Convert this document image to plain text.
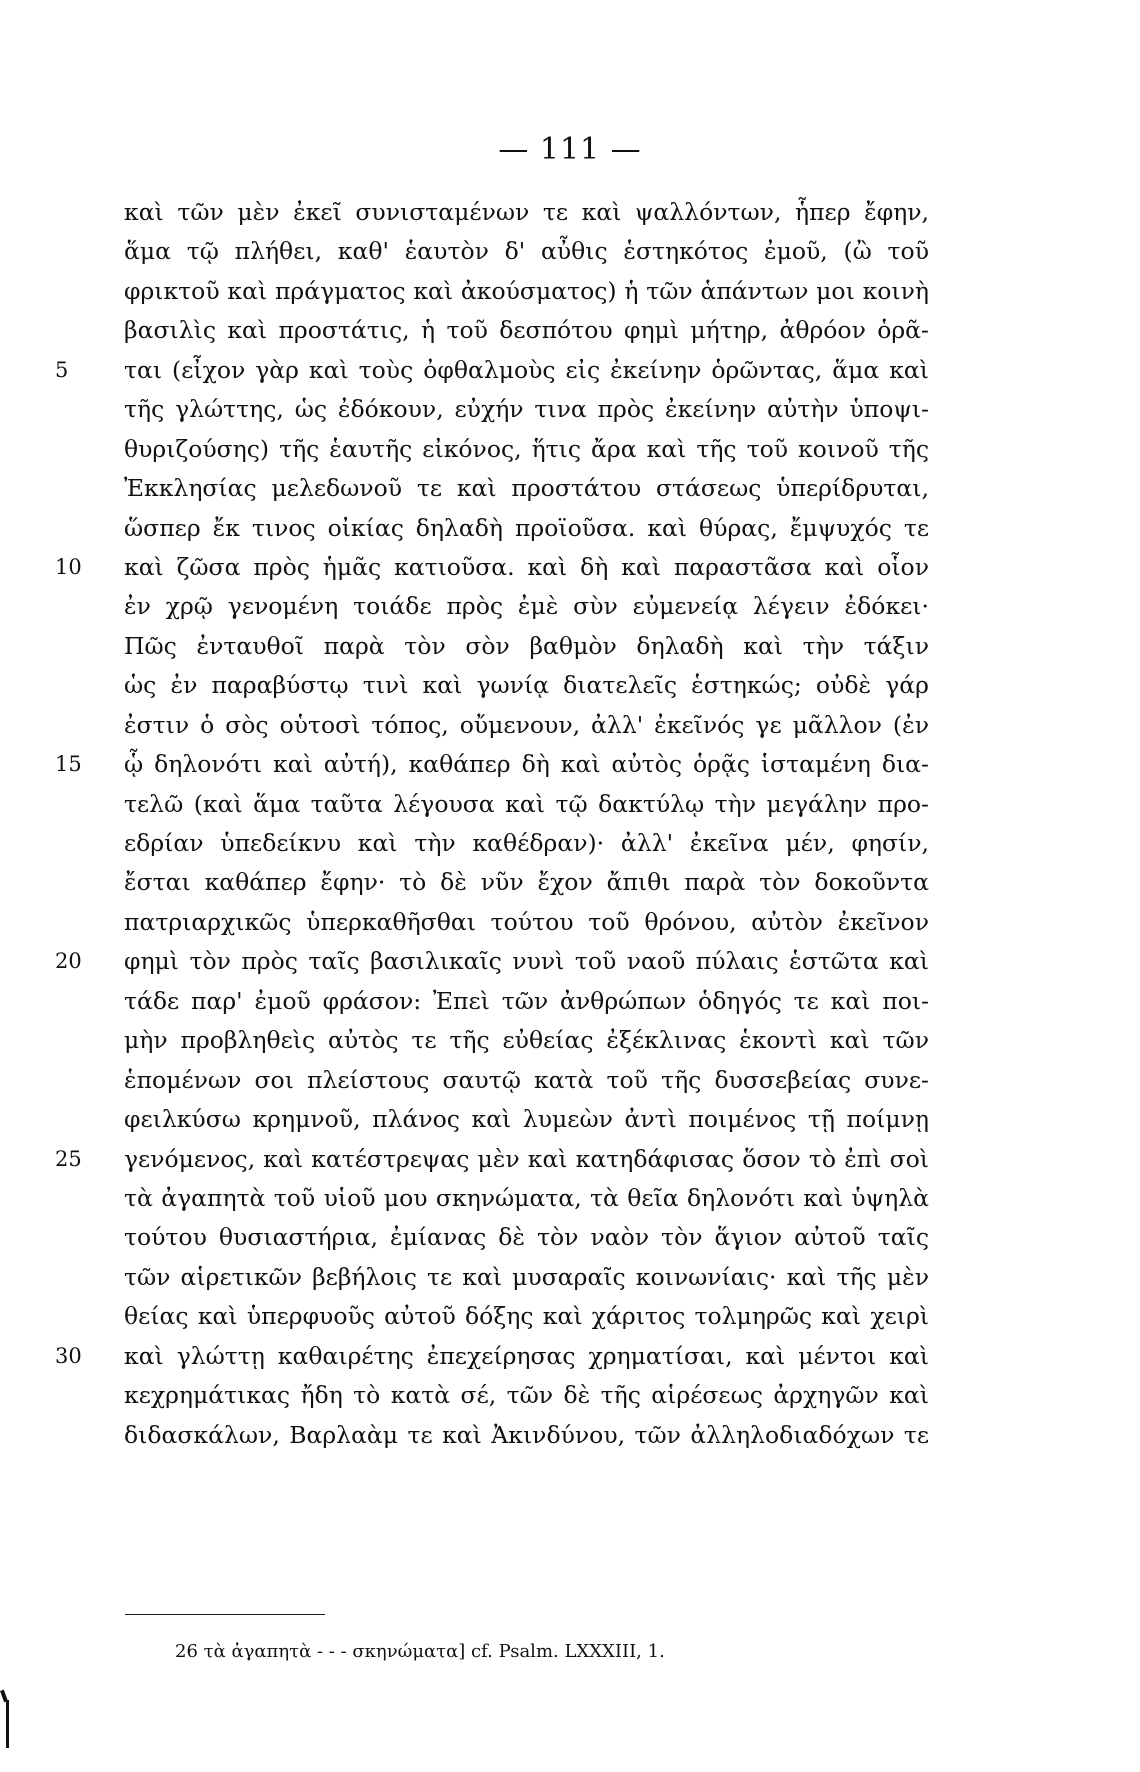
— 111 —
καὶ τῶν μὲν ἐκεῖ συνισταμένων τε καὶ ψαλλόντων, ἧπερ ἔφην,
ἅμα τῷ πλήθει, καθ' ἑαυτὸν δ' αὖθις ἑστηκότος ἐμοῦ, (ὢ τοῦ
φρικτοῦ καὶ πράγματος καὶ ἀκούσματος) ἡ τῶν ἁπάντων μοι κοινὴ
βασιλὶς καὶ προστάτις, ἡ τοῦ δεσπότου φημὶ μήτηρ, ἀθρόον ὁρᾶ-
5	ται (εἶχον γὰρ καὶ τοὺς ὀφθαλμοὺς εἰς ἐκείνην ὁρῶντας, ἅμα καὶ
τῆς γλώττης, ὡς ἐδόκουν, εὐχήν τινα πρὸς ἐκείνην αὐτὴν ὑποψι-
θυριζούσης) τῆς ἑαυτῆς εἰκόνος, ἥτις ἄρα καὶ τῆς τοῦ κοινοῦ τῆς
Ἐκκλησίας μελεδωνοῦ τε καὶ προστάτου στάσεως ὑπερίδρυται,
ὥσπερ ἔκ τινος οἰκίας δηλαδὴ προϊοῦσα. καὶ θύρας, ἔμψυχός τε
10	καὶ ζῶσα πρὸς ἡμᾶς κατιοῦσα. καὶ δὴ καὶ παραστᾶσα καὶ οἷον
ἐν χρῷ γενομένη τοιάδε πρὸς ἐμὲ σὺν εὐμενείᾳ λέγειν ἐδόκει·
Πῶς ἐνταυθοῖ παρὰ τὸν σὸν βαθμὸν δηλαδὴ καὶ τὴν τάξιν
ὡς ἐν παραβύστῳ τινὶ καὶ γωνίᾳ διατελεῖς ἑστηκώς; οὐδὲ γάρ
ἐστιν ὁ σὸς οὑτοσὶ τόπος, οὔμενουν, ἀλλ' ἐκεῖνός γε μᾶλλον (ἐν
15	ᾧ δηλονότι καὶ αὐτή), καθάπερ δὴ καὶ αὐτὸς ὁρᾷς ἱσταμένη δια-
τελῶ (καὶ ἅμα ταῦτα λέγουσα καὶ τῷ δακτύλῳ τὴν μεγάλην προ-
εδρίαν ὑπεδείκνυ καὶ τὴν καθέδραν)· ἀλλ' ἐκεῖνα μέν, φησίν,
ἔσται καθάπερ ἔφην· τὸ δὲ νῦν ἔχον ἄπιθι παρὰ τὸν δοκοῦντα
πατριαρχικῶς ὑπερκαθῆσθαι τούτου τοῦ θρόνου, αὐτὸν ἐκεῖνον
20	φημὶ τὸν πρὸς ταῖς βασιλικαῖς νυνὶ τοῦ ναοῦ πύλαις ἑστῶτα καὶ
τάδε παρ' ἐμοῦ φράσον: Ἐπεὶ τῶν ἀνθρώπων ὁδηγός τε καὶ ποι-
μὴν προβληθεὶς αὐτὸς τε τῆς εὐθείας ἐξέκλινας ἑκοντὶ καὶ τῶν
ἑπομένων σοι πλείστους σαυτῷ κατὰ τοῦ τῆς δυσσεβείας συνε-
φειλκύσω κρημνοῦ, πλάνος καὶ λυμεὼν ἀντὶ ποιμένος τῇ ποίμνῃ
25	γενόμενος, καὶ κατέστρεψας μὲν καὶ κατηδάφισας ὅσον τὸ ἐπὶ σοὶ
τὰ ἀγαπητὰ τοῦ υἱοῦ μου σκηνώματα, τὰ θεῖα δηλονότι καὶ ὑψηλὰ
τούτου θυσιαστήρια, ἐμίανας δὲ τὸν ναὸν τὸν ἅγιον αὐτοῦ ταῖς
τῶν αἱρετικῶν βεβήλοις τε καὶ μυσαραῖς κοινωνίαις· καὶ τῆς μὲν
θείας καὶ ὑπερφυοῦς αὐτοῦ δόξης καὶ χάριτος τολμηρῶς καὶ χειρὶ
30	καὶ γλώττῃ καθαιρέτης ἐπεχείρησας χρηματίσαι, καὶ μέντοι καὶ
κεχρημάτικας ἤδη τὸ κατὰ σέ, τῶν δὲ τῆς αἱρέσεως ἀρχηγῶν καὶ
διδασκάλων, Βαρλαὰμ τε καὶ Ἀκινδύνου, τῶν ἀλληλοδιαδόχων τε
26 τὰ ἀγαπητὰ - - - σκηνώματα] cf. Psalm. LXXXIII, 1.
